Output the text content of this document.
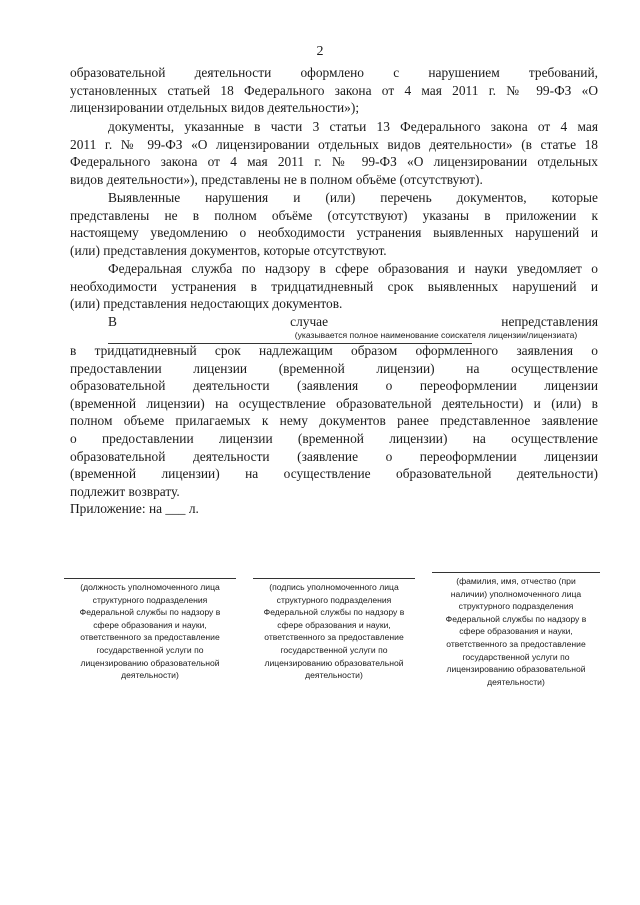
2
образовательной деятельности оформлено с нарушением требований,
установленных статьей 18 Федерального закона от 4 мая 2011 г. № 99-ФЗ «О
лицензировании отдельных видов деятельности»);
документы, указанные в части 3 статьи 13 Федерального закона от 4 мая
2011 г. № 99-ФЗ «О лицензировании отдельных видов деятельности» (в статье 18
Федерального закона от 4 мая 2011 г. № 99-ФЗ «О лицензировании отдельных
видов деятельности»), представлены не в полном объёме (отсутствуют).
Выявленные нарушения и (или) перечень документов, которые
представлены не в полном объёме (отсутствуют) указаны в приложении к
настоящему уведомлению о необходимости устранения выявленных нарушений и
(или) представления документов, которые отсутствуют.
Федеральная служба по надзору в сфере образования и науки уведомляет о
необходимости устранения в тридцатидневный срок выявленных нарушений и
(или) представления недостающих документов.
В случае непредставления
(указывается полное наименование соискателя лицензии/лицензиата)
в тридцатидневный срок надлежащим образом оформленного заявления о
предоставлении лицензии (временной лицензии) на осуществление
образовательной деятельности (заявления о переоформлении лицензии
(временной лицензии) на осуществление образовательной деятельности) и (или) в
полном объеме прилагаемых к нему документов ранее представленное заявление
о предоставлении лицензии (временной лицензии) на осуществление
образовательной деятельности (заявление о переоформлении лицензии
(временной лицензии) на осуществление образовательной деятельности)
подлежит возврату.
Приложение: на ___ л.
(должность уполномоченного лица
структурного подразделения
Федеральной службы по надзору в
сфере образования и науки,
ответственного за предоставление
государственной услуги по
лицензированию образовательной
деятельности)
(подпись уполномоченного лица
структурного подразделения
Федеральной службы по надзору в
сфере образования и науки,
ответственного за предоставление
государственной услуги по
лицензированию образовательной
деятельности)
(фамилия, имя, отчество (при
наличии) уполномоченного лица
структурного подразделения
Федеральной службы по надзору в
сфере образования и науки,
ответственного за предоставление
государственной услуги по
лицензированию образовательной
деятельности)
